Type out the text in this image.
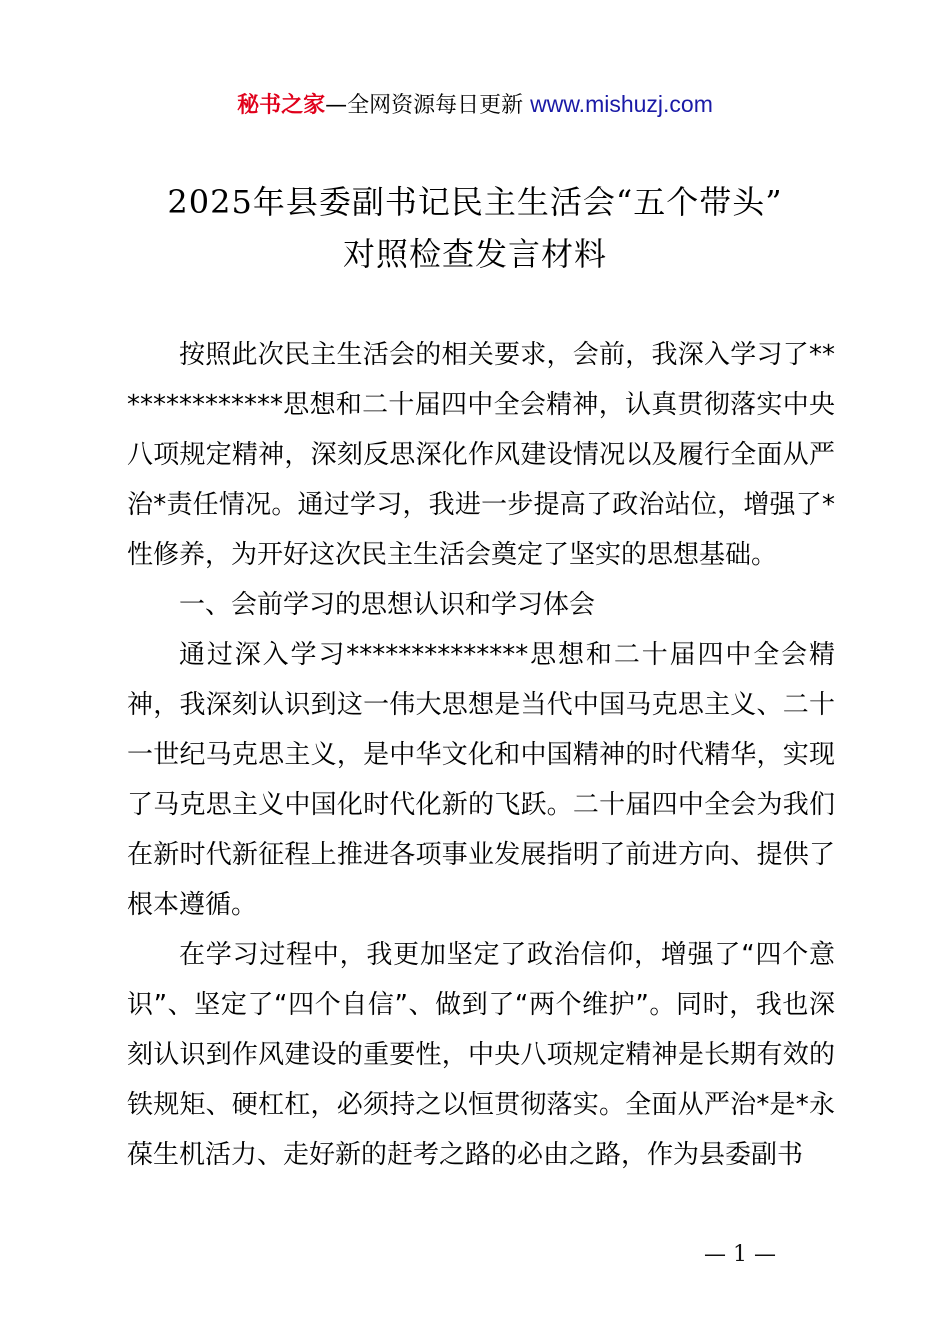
秘书之家—全网资源每日更新 www.mishuzj.com
2025年县委副书记民主生活会“五个带头”
对照检查发言材料

按照此次民主生活会的相关要求，会前，我深入学习了**************思想和二十届四中全会精神，认真贯彻落实中央八项规定精神，深刻反思深化作风建设情况以及履行全面从严治*责任情况。通过学习，我进一步提高了政治站位，增强了*性修养，为开好这次民主生活会奠定了坚实的思想基础。

一、会前学习的思想认识和学习体会

通过深入学习**************思想和二十届四中全会精神，我深刻认识到这一伟大思想是当代中国马克思主义、二十一世纪马克思主义，是中华文化和中国精神的时代精华，实现了马克思主义中国化时代化新的飞跃。二十届四中全会为我们在新时代新征程上推进各项事业发展指明了前进方向、提供了根本遵循。

在学习过程中，我更加坚定了政治信仰，增强了“四个意识”、坚定了“四个自信”、做到了“两个维护”。同时，我也深刻认识到作风建设的重要性，中央八项规定精神是长期有效的铁规矩、硬杠杠，必须持之以恒贯彻落实。全面从严治*是*永葆生机活力、走好新的赶考之路的必由之路，作为县委副书

— 1 —
